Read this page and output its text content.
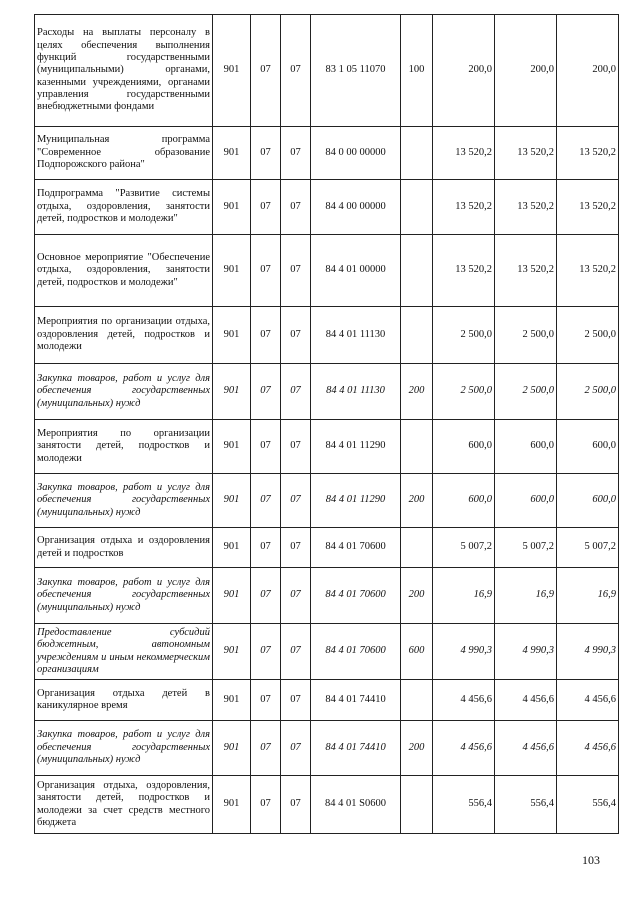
Расходы на выплаты персоналу в целях обеспечения выполнения функций государственными (муниципальными) органами, казенными учреждениями, органами управления государственными внебюджетными фондами	901	07	07	83 1 05 11070	100	200,0	200,0	200,0
Муниципальная программа "Современное образование Подпорожского района"	901	07	07	84 0 00 00000		13 520,2	13 520,2	13 520,2
Подпрограмма "Развитие системы отдыха, оздоровления, занятости детей, подростков и молодежи"	901	07	07	84 4 00 00000		13 520,2	13 520,2	13 520,2
Основное мероприятие "Обеспечение отдыха, оздоровления, занятости детей, подростков и молодежи"	901	07	07	84 4 01 00000		13 520,2	13 520,2	13 520,2
Мероприятия по организации отдыха, оздоровления детей, подростков и молодежи	901	07	07	84 4 01 11130		2 500,0	2 500,0	2 500,0
Закупка товаров, работ и услуг для обеспечения государственных (муниципальных) нужд	901	07	07	84 4 01 11130	200	2 500,0	2 500,0	2 500,0
Мероприятия по организации занятости детей, подростков и молодежи	901	07	07	84 4 01 11290		600,0	600,0	600,0
Закупка товаров, работ и услуг для обеспечения государственных (муниципальных) нужд	901	07	07	84 4 01 11290	200	600,0	600,0	600,0
Организация отдыха и оздоровления детей и подростков	901	07	07	84 4 01 70600		5 007,2	5 007,2	5 007,2
Закупка товаров, работ и услуг для обеспечения государственных (муниципальных) нужд	901	07	07	84 4 01 70600	200	16,9	16,9	16,9
Предоставление субсидий бюджетным, автономным учреждениям и иным некоммерческим организациям	901	07	07	84 4 01 70600	600	4 990,3	4 990,3	4 990,3
Организация отдыха детей в каникулярное время	901	07	07	84 4 01 74410		4 456,6	4 456,6	4 456,6
Закупка товаров, работ и услуг для обеспечения государственных (муниципальных) нужд	901	07	07	84 4 01 74410	200	4 456,6	4 456,6	4 456,6
Организация отдыха, оздоровления, занятости детей, подростков и молодежи за счет средств местного бюджета	901	07	07	84 4 01 S0600		556,4	556,4	556,4
103
